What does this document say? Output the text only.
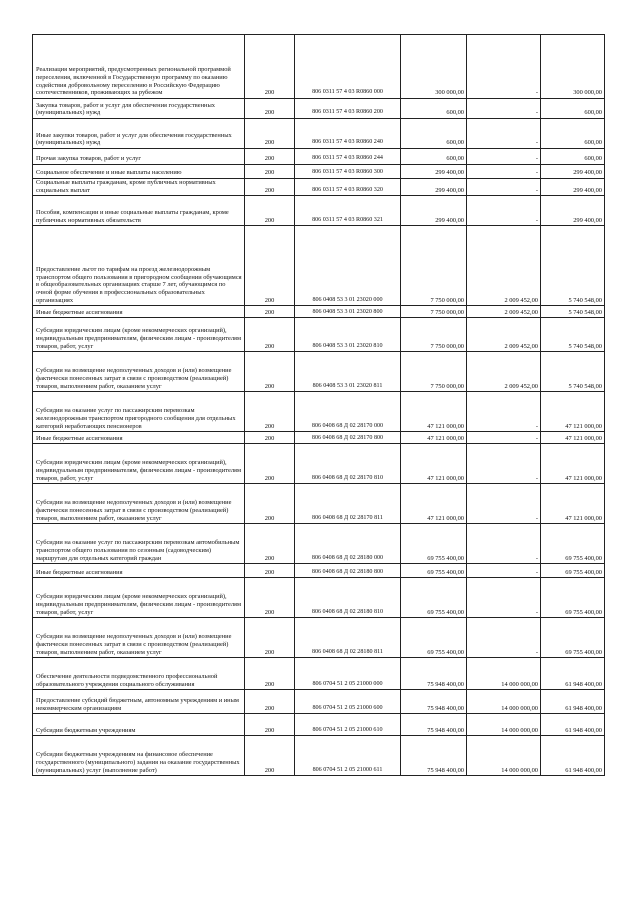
Реализация мероприятий, предусмотренных региональной программой переселения, включенной в Государственную программу по оказанию содействия добровольному переселению в Российскую Федерацию соотечественников, проживающих за рубежом	200	806 0311 57 4 03 R0860 000	300 000,00	-	300 000,00
Закупка товаров, работ и услуг для обеспечения государственных (муниципальных) нужд	200	806 0311 57 4 03 R0860 200	600,00	-	600,00
Иные закупки товаров, работ и услуг для обеспечения государственных (муниципальных) нужд	200	806 0311 57 4 03 R0860 240	600,00	-	600,00
Прочая закупка товаров, работ и услуг	200	806 0311 57 4 03 R0860 244	600,00	-	600,00
Социальное обеспечение и иные выплаты населению	200	806 0311 57 4 03 R0860 300	299 400,00	-	299 400,00
Социальные выплаты гражданам, кроме публичных нормативных социальных выплат	200	806 0311 57 4 03 R0860 320	299 400,00	-	299 400,00
Пособия, компенсации и иные социальные выплаты гражданам, кроме публичных нормативных обязательств	200	806 0311 57 4 03 R0860 321	299 400,00	-	299 400,00
Предоставление льгот по тарифам на проезд железнодорожным транспортом общего пользования в пригородном сообщении обучающимся в общеобразовательных организациях старше 7 лет, обучающимся по очной форме обучения в профессиональных образовательных организациях	200	806 0408 53 3 01 23020 000	7 750 000,00	2 009 452,00	5 740 548,00
Иные бюджетные ассигнования	200	806 0408 53 3 01 23020 800	7 750 000,00	2 009 452,00	5 740 548,00
Субсидии юридическим лицам (кроме некоммерческих организаций), индивидуальным предпринимателям, физическим лицам - производителям товаров, работ, услуг	200	806 0408 53 3 01 23020 810	7 750 000,00	2 009 452,00	5 740 548,00
Субсидии на возмещение недополученных доходов и (или) возмещение фактически понесенных затрат в связи с производством (реализацией) товаров, выполнением работ, оказанием услуг	200	806 0408 53 3 01 23020 811	7 750 000,00	2 009 452,00	5 740 548,00
Субсидии на оказание услуг по пассажирским перевозкам железнодорожным транспортом пригородного сообщения для отдельных категорий неработающих пенсионеров	200	806 0408 68 Д 02 28170 000	47 121 000,00	-	47 121 000,00
Иные бюджетные ассигнования	200	806 0408 68 Д 02 28170 800	47 121 000,00	-	47 121 000,00
Субсидии юридическим лицам (кроме некоммерческих организаций), индивидуальным предпринимателям, физическим лицам - производителям товаров, работ, услуг	200	806 0408 68 Д 02 28170 810	47 121 000,00	-	47 121 000,00
Субсидии на возмещение недополученных доходов и (или) возмещение фактически понесенных затрат в связи с производством (реализацией) товаров, выполнением работ, оказанием услуг	200	806 0408 68 Д 02 28170 811	47 121 000,00	-	47 121 000,00
Субсидии на оказание услуг по пассажирским перевозкам автомобильным транспортом общего пользования по сезонным (садоводческим) маршрутам для отдельных категорий граждан	200	806 0408 68 Д 02 28180 000	69 755 400,00	-	69 755 400,00
Иные бюджетные ассигнования	200	806 0408 68 Д 02 28180 800	69 755 400,00	-	69 755 400,00
Субсидии юридическим лицам (кроме некоммерческих организаций), индивидуальным предпринимателям, физическим лицам - производителям товаров, работ, услуг	200	806 0408 68 Д 02 28180 810	69 755 400,00	-	69 755 400,00
Субсидии на возмещение недополученных доходов и (или) возмещение фактически понесенных затрат в связи с производством (реализацией) товаров, выполнением работ, оказанием услуг	200	806 0408 68 Д 02 28180 811	69 755 400,00	-	69 755 400,00
Обеспечение деятельности подведомственного профессиональной образовательного учреждения социального обслуживания	200	806 0704 51 2 05 21000 000	75 948 400,00	14 000 000,00	61 948 400,00
Предоставление субсидий бюджетным, автономным учреждениям и иным некоммерческим организациям	200	806 0704 51 2 05 21000 600	75 948 400,00	14 000 000,00	61 948 400,00
Субсидии бюджетным учреждениям	200	806 0704 51 2 05 21000 610	75 948 400,00	14 000 000,00	61 948 400,00
Субсидии бюджетным учреждениям на финансовое обеспечение государственного (муниципального) задания на оказание государственных (муниципальных) услуг (выполнение работ)	200	806 0704 51 2 05 21000 611	75 948 400,00	14 000 000,00	61 948 400,00
